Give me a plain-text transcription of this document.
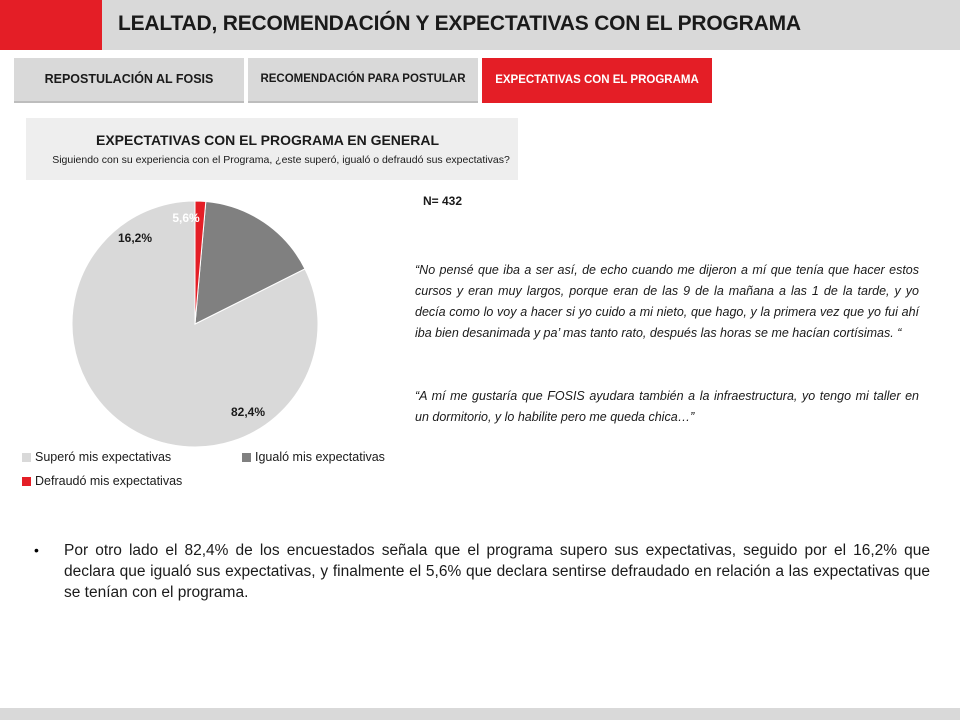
LEALTAD, RECOMENDACIÓN Y EXPECTATIVAS CON EL PROGRAMA
REPOSTULACIÓN AL FOSIS	RECOMENDACIÓN PARA POSTULAR	EXPECTATIVAS CON EL PROGRAMA
EXPECTATIVAS CON EL PROGRAMA EN GENERAL
Siguiendo con su experiencia con el Programa, ¿este superó, igualó o defraudó sus expectativas?
82,4%
16,2%
5,6%
Superó mis expectativas	Igualó mis expectativas
Defraudó mis expectativas
N= 432
“No pensé que iba a ser así, de echo cuando me dijeron a mí que tenía que hacer estos cursos y eran muy largos, porque eran de las 9 de la mañana a las 1 de la tarde, y yo decía como lo voy a hacer si yo cuido a mi nieto, que hago, y la primera vez que yo fui ahí iba bien desanimada y pa’ mas tanto rato, después las horas se me hacían cortísimas. “
“A mí me gustaría que FOSIS ayudara también a la infraestructura, yo tengo mi taller en un dormitorio, y lo habilite pero me queda chica…”
•	Por otro lado el 82,4% de los encuestados señala que el programa supero sus expectativas, seguido por el 16,2% que declara que igualó sus expectativas, y finalmente el 5,6% que declara sentirse defraudado en relación a las expectativas que se tenían con el programa.
